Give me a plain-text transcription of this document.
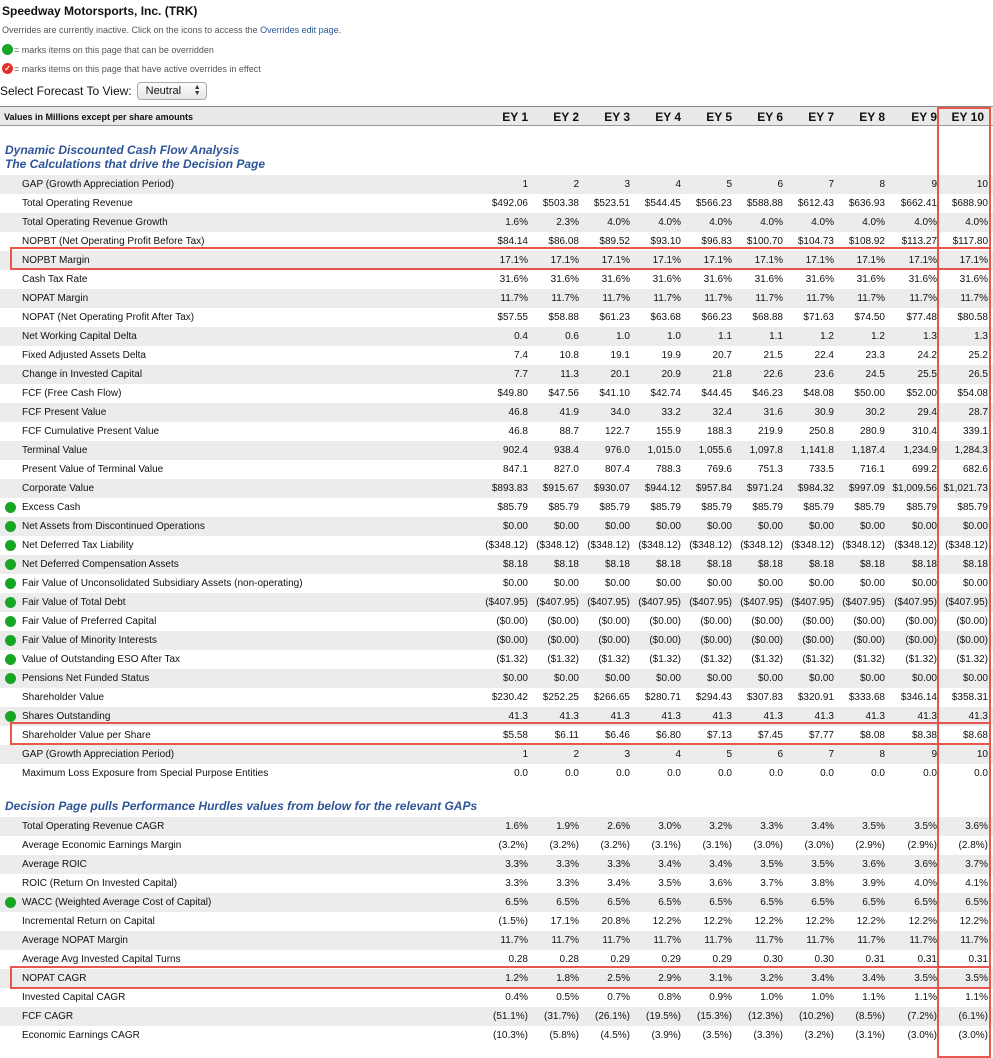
Speedway Motorsports, Inc. (TRK)
Overrides are currently inactive. Click on the icons to access the Overrides edit page.
= marks items on this page that can be overridden
✓ = marks items on this page that have active overrides in effect
Select Forecast To View: Neutral ▲
▼
Values in Millions except per share amounts	EY 1	EY 2	EY 3	EY 4	EY 5	EY 6	EY 7	EY 8	EY 9	EY 10
Dynamic Discounted Cash Flow Analysis
The Calculations that drive the Decision Page
GAP (Growth Appreciation Period)	1	2	3	4	5	6	7	8	9	10
Total Operating Revenue	$492.06	$503.38	$523.51	$544.45	$566.23	$588.88	$612.43	$636.93	$662.41	$688.90
Total Operating Revenue Growth	1.6%	2.3%	4.0%	4.0%	4.0%	4.0%	4.0%	4.0%	4.0%	4.0%
NOPBT (Net Operating Profit Before Tax)	$84.14	$86.08	$89.52	$93.10	$96.83	$100.70	$104.73	$108.92	$113.27	$117.80
NOPBT Margin	17.1%	17.1%	17.1%	17.1%	17.1%	17.1%	17.1%	17.1%	17.1%	17.1%
Cash Tax Rate	31.6%	31.6%	31.6%	31.6%	31.6%	31.6%	31.6%	31.6%	31.6%	31.6%
NOPAT Margin	11.7%	11.7%	11.7%	11.7%	11.7%	11.7%	11.7%	11.7%	11.7%	11.7%
NOPAT (Net Operating Profit After Tax)	$57.55	$58.88	$61.23	$63.68	$66.23	$68.88	$71.63	$74.50	$77.48	$80.58
Net Working Capital Delta	0.4	0.6	1.0	1.0	1.1	1.1	1.2	1.2	1.3	1.3
Fixed Adjusted Assets Delta	7.4	10.8	19.1	19.9	20.7	21.5	22.4	23.3	24.2	25.2
Change in Invested Capital	7.7	11.3	20.1	20.9	21.8	22.6	23.6	24.5	25.5	26.5
FCF (Free Cash Flow)	$49.80	$47.56	$41.10	$42.74	$44.45	$46.23	$48.08	$50.00	$52.00	$54.08
FCF Present Value	46.8	41.9	34.0	33.2	32.4	31.6	30.9	30.2	29.4	28.7
FCF Cumulative Present Value	46.8	88.7	122.7	155.9	188.3	219.9	250.8	280.9	310.4	339.1
Terminal Value	902.4	938.4	976.0	1,015.0	1,055.6	1,097.8	1,141.8	1,187.4	1,234.9	1,284.3
Present Value of Terminal Value	847.1	827.0	807.4	788.3	769.6	751.3	733.5	716.1	699.2	682.6
Corporate Value	$893.83	$915.67	$930.07	$944.12	$957.84	$971.24	$984.32	$997.09 $1,009.56 $1,021.73
Excess Cash	$85.79	$85.79	$85.79	$85.79	$85.79	$85.79	$85.79	$85.79	$85.79	$85.79
Net Assets from Discontinued Operations	$0.00	$0.00	$0.00	$0.00	$0.00	$0.00	$0.00	$0.00	$0.00	$0.00
Net Deferred Tax Liability	($348.12) ($348.12) ($348.12) ($348.12) ($348.12) ($348.12) ($348.12) ($348.12) ($348.12) ($348.12)
Net Deferred Compensation Assets	$8.18	$8.18	$8.18	$8.18	$8.18	$8.18	$8.18	$8.18	$8.18	$8.18
Fair Value of Unconsolidated Subsidiary Assets (non-operating)	$0.00	$0.00	$0.00	$0.00	$0.00	$0.00	$0.00	$0.00	$0.00	$0.00
Fair Value of Total Debt	($407.95) ($407.95) ($407.95) ($407.95) ($407.95) ($407.95) ($407.95) ($407.95) ($407.95) ($407.95)
Fair Value of Preferred Capital	($0.00)	($0.00)	($0.00)	($0.00)	($0.00)	($0.00)	($0.00)	($0.00)	($0.00)	($0.00)
Fair Value of Minority Interests	($0.00)	($0.00)	($0.00)	($0.00)	($0.00)	($0.00)	($0.00)	($0.00)	($0.00)	($0.00)
Value of Outstanding ESO After Tax	($1.32)	($1.32)	($1.32)	($1.32)	($1.32)	($1.32)	($1.32)	($1.32)	($1.32)	($1.32)
Pensions Net Funded Status	$0.00	$0.00	$0.00	$0.00	$0.00	$0.00	$0.00	$0.00	$0.00	$0.00
Shareholder Value	$230.42	$252.25	$266.65	$280.71	$294.43	$307.83	$320.91	$333.68	$346.14	$358.31
Shares Outstanding	41.3	41.3	41.3	41.3	41.3	41.3	41.3	41.3	41.3	41.3
Shareholder Value per Share	$5.58	$6.11	$6.46	$6.80	$7.13	$7.45	$7.77	$8.08	$8.38	$8.68
GAP (Growth Appreciation Period)	1	2	3	4	5	6	7	8	9	10
Maximum Loss Exposure from Special Purpose Entities	0.0	0.0	0.0	0.0	0.0	0.0	0.0	0.0	0.0	0.0
Decision Page pulls Performance Hurdles values from below for the relevant GAPs
Total Operating Revenue CAGR	1.6%	1.9%	2.6%	3.0%	3.2%	3.3%	3.4%	3.5%	3.5%	3.6%
Average Economic Earnings Margin	(3.2%)	(3.2%)	(3.2%)	(3.1%)	(3.1%)	(3.0%)	(3.0%)	(2.9%)	(2.9%)	(2.8%)
Average ROIC	3.3%	3.3%	3.3%	3.4%	3.4%	3.5%	3.5%	3.6%	3.6%	3.7%
ROIC (Return On Invested Capital)	3.3%	3.3%	3.4%	3.5%	3.6%	3.7%	3.8%	3.9%	4.0%	4.1%
WACC (Weighted Average Cost of Capital)	6.5%	6.5%	6.5%	6.5%	6.5%	6.5%	6.5%	6.5%	6.5%	6.5%
Incremental Return on Capital	(1.5%)	17.1%	20.8%	12.2%	12.2%	12.2%	12.2%	12.2%	12.2%	12.2%
Average NOPAT Margin	11.7%	11.7%	11.7%	11.7%	11.7%	11.7%	11.7%	11.7%	11.7%	11.7%
Average Avg Invested Capital Turns	0.28	0.28	0.29	0.29	0.29	0.30	0.30	0.31	0.31	0.31
NOPAT CAGR	1.2%	1.8%	2.5%	2.9%	3.1%	3.2%	3.4%	3.4%	3.5%	3.5%
Invested Capital CAGR	0.4%	0.5%	0.7%	0.8%	0.9%	1.0%	1.0%	1.1%	1.1%	1.1%
FCF CAGR	(51.1%)	(31.7%)	(26.1%)	(19.5%)	(15.3%)	(12.3%)	(10.2%)	(8.5%)	(7.2%)	(6.1%)
Economic Earnings CAGR	(10.3%)	(5.8%)	(4.5%)	(3.9%)	(3.5%)	(3.3%)	(3.2%)	(3.1%)	(3.0%)	(3.0%)
